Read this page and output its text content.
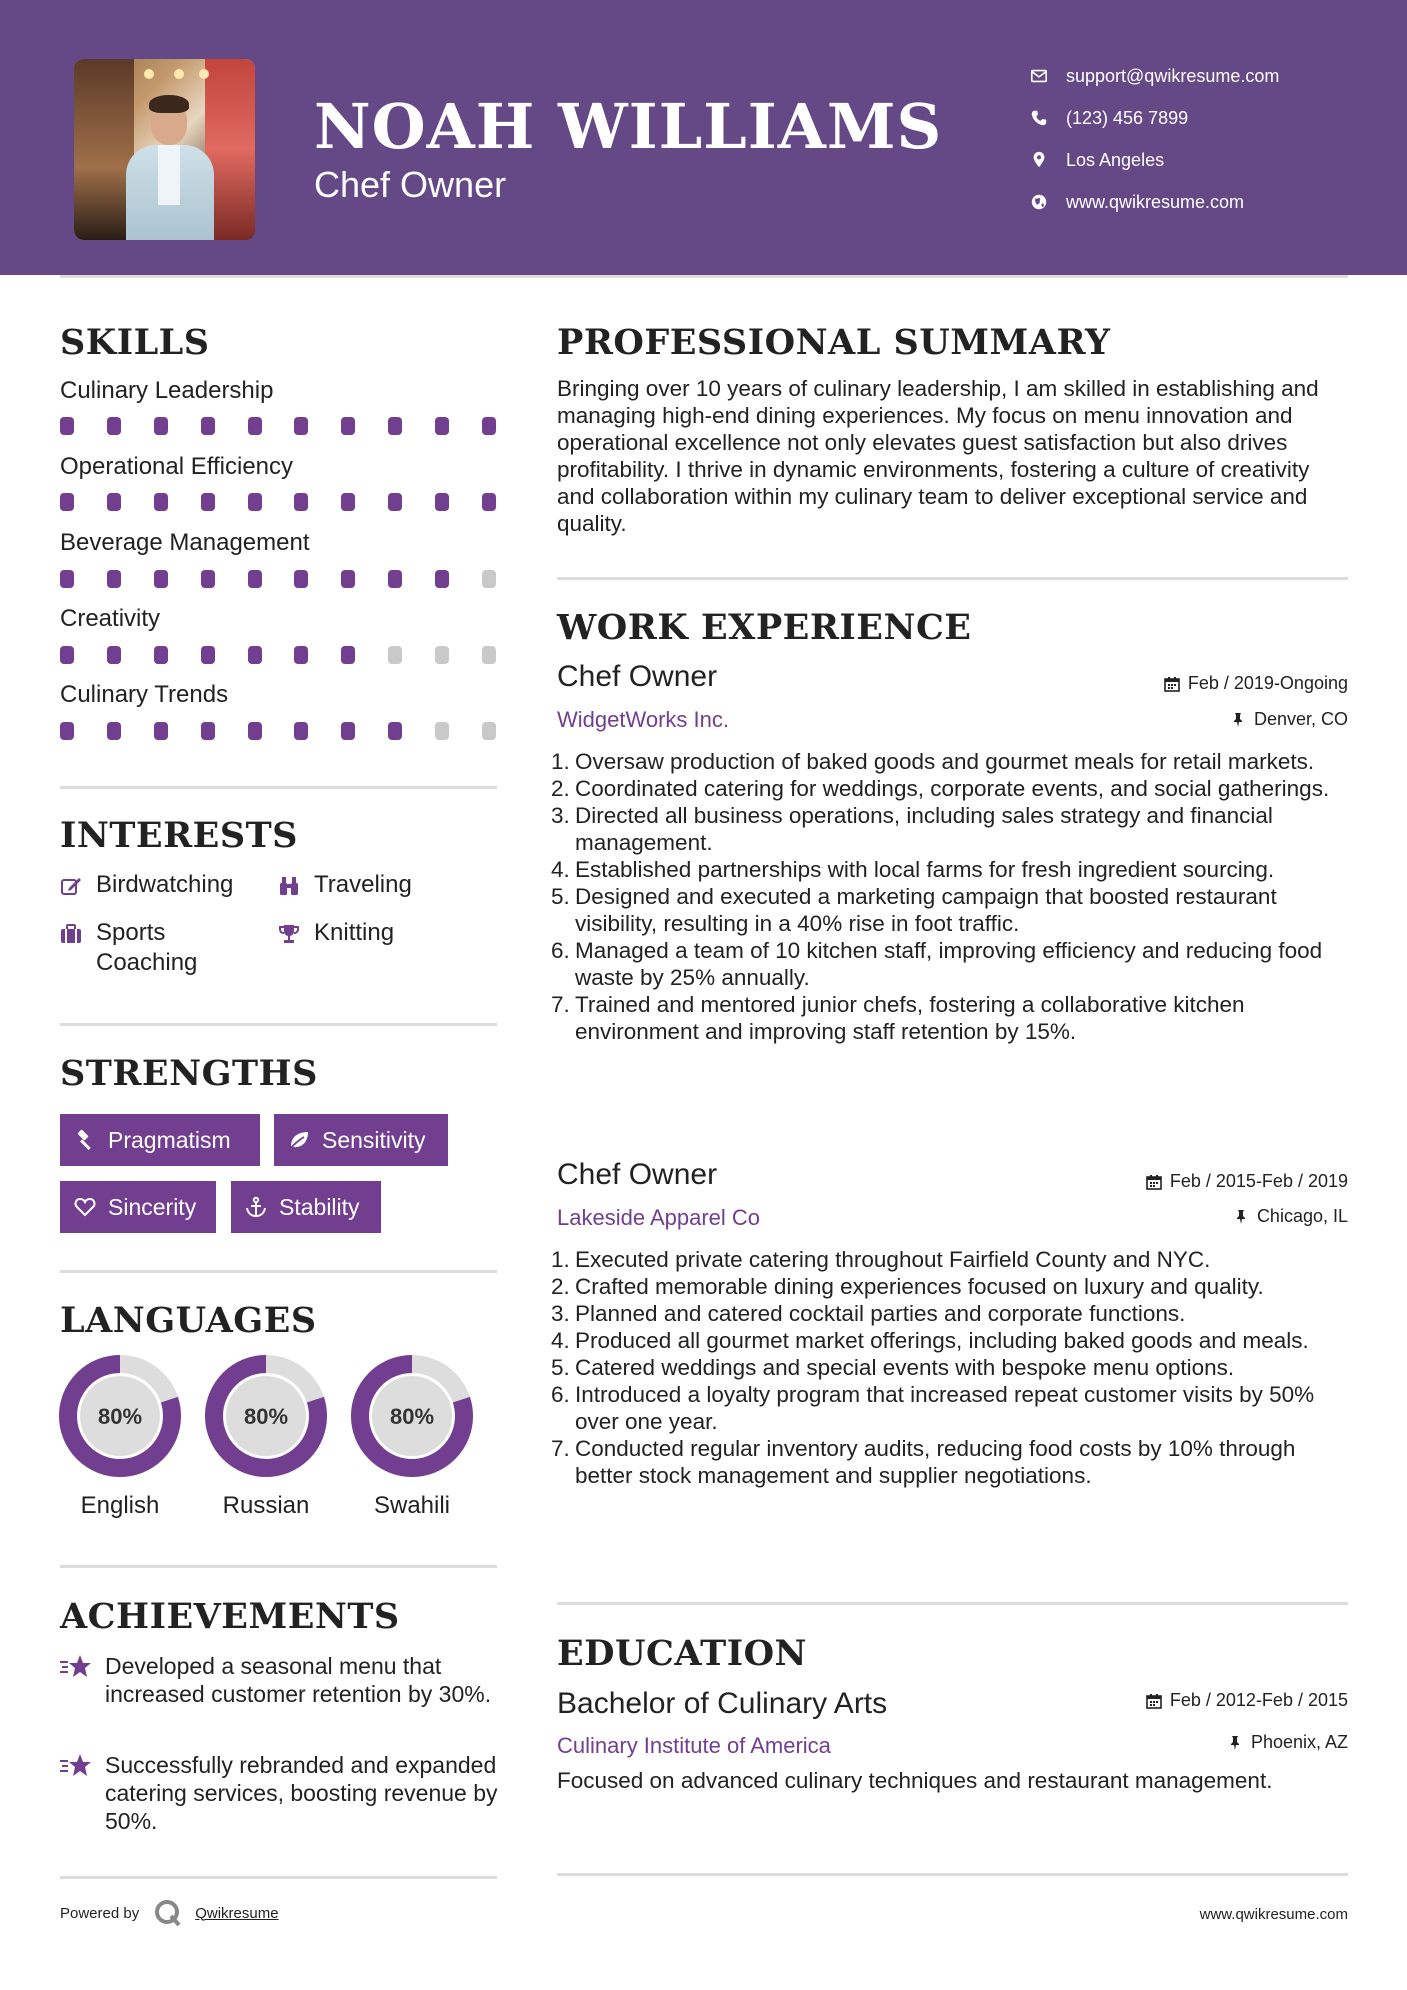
NOAH WILLIAMS
Chef Owner
support@qwikresume.com
(123) 456 7899
Los Angeles
www.qwikresume.com
SKILLS
Culinary Leadership
Operational Efficiency
Beverage Management
Creativity
Culinary Trends
INTERESTS
Birdwatching	Traveling
Sports Coaching
Knitting
STRENGTHS
Pragmatism	Sensitivity
Sincerity	Stability
LANGUAGES
80%
English
80%
Russian
80%
Swahili
ACHIEVEMENTS
Developed a seasonal menu that increased customer retention by 30%.
Successfully rebranded and expanded catering services, boosting revenue by 50%.
PROFESSIONAL SUMMARY
Bringing over 10 years of culinary leadership, I am skilled in establishing and managing high-end dining experiences. My focus on menu innovation and operational excellence not only elevates guest satisfaction but also drives profitability. I thrive in dynamic environments, fostering a culture of creativity and collaboration within my culinary team to deliver exceptional service and quality.
WORK EXPERIENCE
Chef Owner	Feb / 2019-Ongoing
WidgetWorks Inc.	Denver, CO
1. Oversaw production of baked goods and gourmet meals for retail markets.
2. Coordinated catering for weddings, corporate events, and social gatherings.
3. Directed all business operations, including sales strategy and financial management.
4. Established partnerships with local farms for fresh ingredient sourcing.
5. Designed and executed a marketing campaign that boosted restaurant visibility, resulting in a 40% rise in foot traffic.
6. Managed a team of 10 kitchen staff, improving efficiency and reducing food waste by 25% annually.
7. Trained and mentored junior chefs, fostering a collaborative kitchen environment and improving staff retention by 15%.
Chef Owner	Feb / 2015-Feb / 2019
Lakeside Apparel Co	Chicago, IL
1. Executed private catering throughout Fairfield County and NYC.
2. Crafted memorable dining experiences focused on luxury and quality.
3. Planned and catered cocktail parties and corporate functions.
4. Produced all gourmet market offerings, including baked goods and meals.
5. Catered weddings and special events with bespoke menu options.
6. Introduced a loyalty program that increased repeat customer visits by 50% over one year.
7. Conducted regular inventory audits, reducing food costs by 10% through better stock management and supplier negotiations.
EDUCATION
Bachelor of Culinary Arts	Feb / 2012-Feb / 2015
Culinary Institute of America	Phoenix, AZ
Focused on advanced culinary techniques and restaurant management.
Powered by	Qwikresume	www.qwikresume.com
